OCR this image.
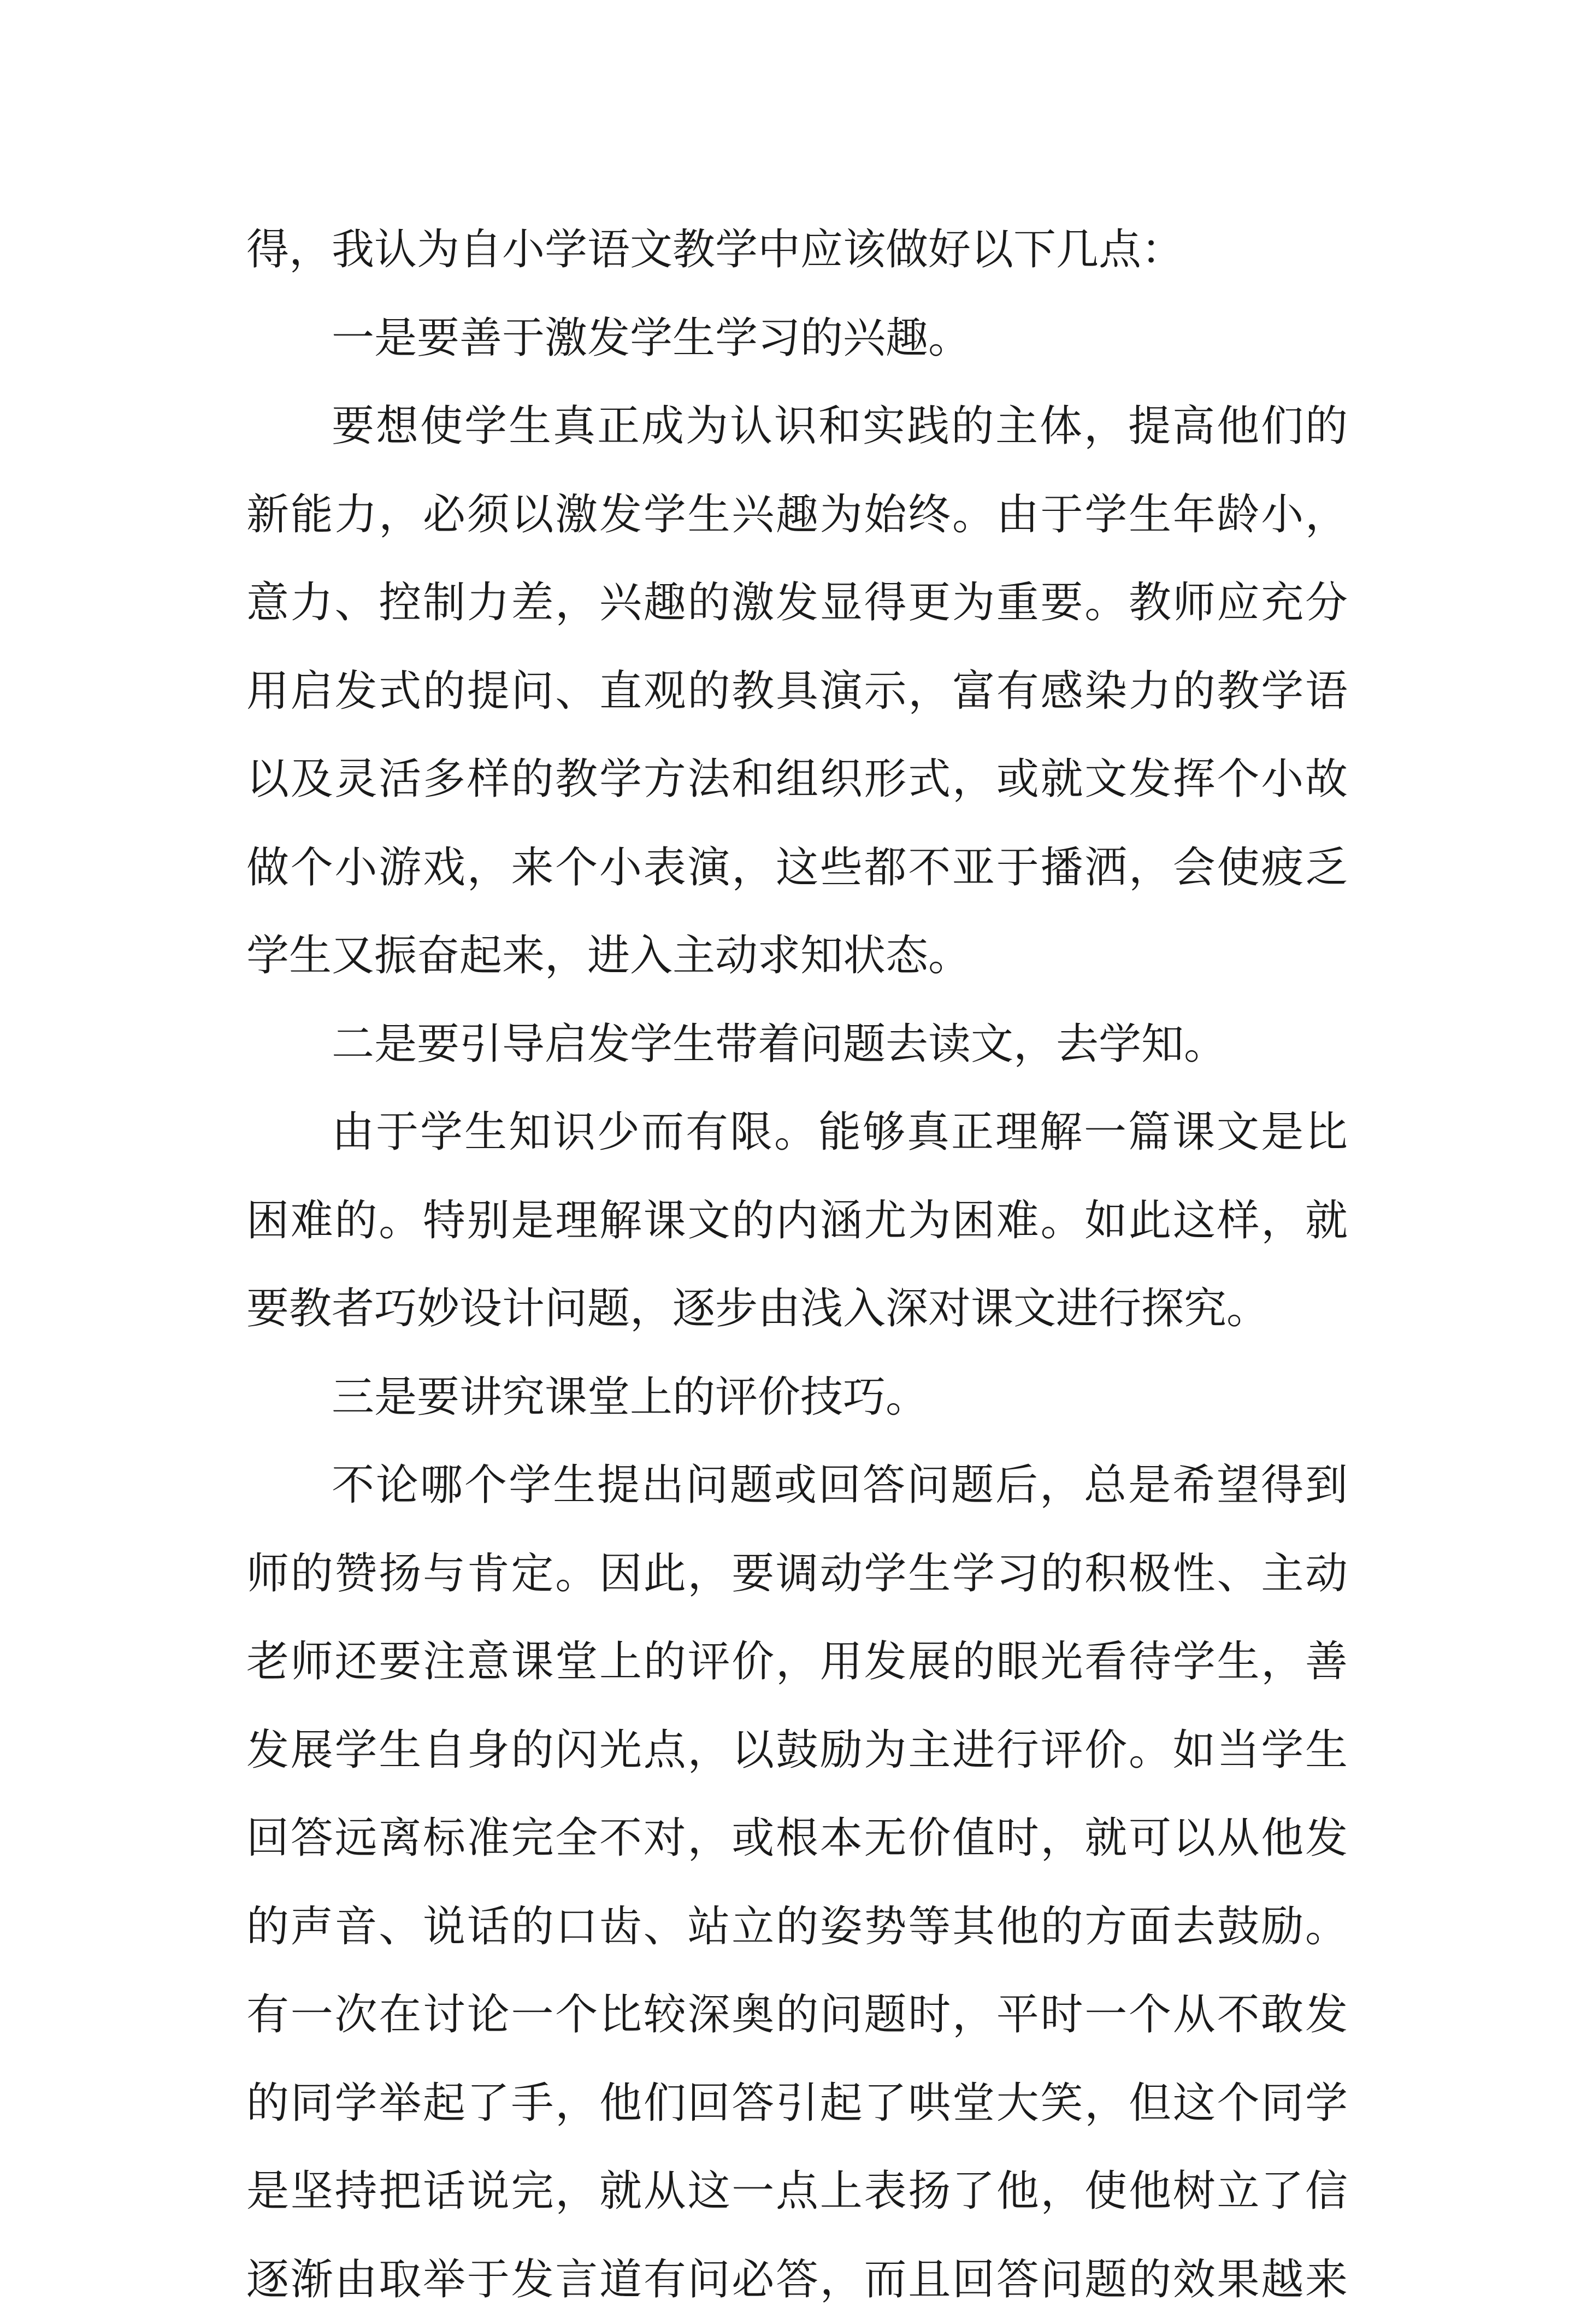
得，我认为自小学语文教学中应该做好以下几点：

一是要善于激发学生学习的兴趣。

要想使学生真正成为认识和实践的主体，提高他们的

新能力，必须以激发学生兴趣为始终。由于学生年龄小，

意力、控制力差，兴趣的激发显得更为重要。教师应充分

用启发式的提问、直观的教具演示，富有感染力的教学语

以及灵活多样的教学方法和组织形式，或就文发挥个小故

做个小游戏，来个小表演，这些都不亚于播洒，会使疲乏

学生又振奋起来，进入主动求知状态。

二是要引导启发学生带着问题去读文，去学知。

由于学生知识少而有限。能够真正理解一篇课文是比

困难的。特别是理解课文的内涵尤为困难。如此这样，就

要教者巧妙设计问题，逐步由浅入深对课文进行探究。

三是要讲究课堂上的评价技巧。

不论哪个学生提出问题或回答问题后，总是希望得到

师的赞扬与肯定。因此，要调动学生学习的积极性、主动

老师还要注意课堂上的评价，用发展的眼光看待学生，善

发展学生自身的闪光点，以鼓励为主进行评价。如当学生

回答远离标准完全不对，或根本无价值时，就可以从他发

的声音、说话的口齿、站立的姿势等其他的方面去鼓励。

有一次在讨论一个比较深奥的问题时，平时一个从不敢发

的同学举起了手，他们回答引起了哄堂大笑，但这个同学

是坚持把话说完，就从这一点上表扬了他，使他树立了信

逐渐由取举于发言道有问必答，而且回答问题的效果越来
